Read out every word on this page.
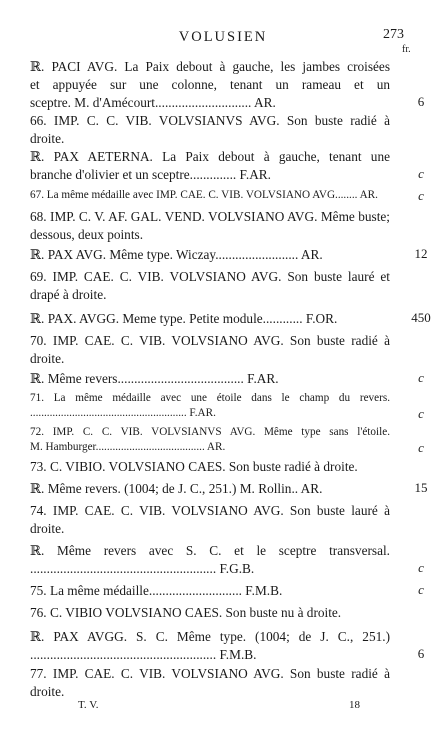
VOLUSIEN	273
fr.
ℝ. PACI AVG. La Paix debout à gauche, les jambes croisées
et appuyée sur une colonne, tenant un rameau et un
sceptre. M. d'Amécourt............................. AR.	6
66. IMP. C. C. VIB. VOLVSIANVS AVG. Son buste radié à
droite.
ℝ. PAX AETERNA. La Paix debout à gauche, tenant une
branche d'olivier et un sceptre.............. F.AR.	c
67. La même médaille avec IMP. CAE. C. VIB. VOLVSIANO AVG........ AR.	c
68. IMP. C. V. AF. GAL. VEND. VOLVSIANO AVG. Même buste;
dessous, deux points.
ℝ. PAX AVG. Même type. Wiczay......................... AR.	12
69. IMP. CAE. C. VIB. VOLVSIANO AVG. Son buste lauré et
drapé à droite.
ℝ. PAX. AVGG. Meme type. Petite module............ F.OR.	450
70. IMP. CAE. C. VIB. VOLVSIANO AVG. Son buste radié à
droite.
ℝ. Même revers...................................... F.AR.	c
71. La même médaille avec une étoile dans le champ du revers.
........................................................ F.AR.	c
72. IMP. C. C. VIB. VOLVSIANVS AVG. Même type sans l'étoile.
M. Hamburger....................................... AR.	c
73. C. VIBIO. VOLVSIANO CAES. Son buste radié à droite.
ℝ. Même revers. (1004; de J. C., 251.) M. Rollin.. AR.	15
74. IMP. CAE. C. VIB. VOLVSIANO AVG. Son buste lauré à
droite.
ℝ. Même revers avec S. C. et le sceptre transversal.
........................................................ F.G.B.	c
75. La même médaille............................ F.M.B.	c
76. C. VIBIO VOLVSIANO CAES. Son buste nu à droite.
ℝ. PAX AVGG. S. C. Même type. (1004; de J. C., 251.)
........................................................ F.M.B.	6
77. IMP. CAE. C. VIB. VOLVSIANO AVG. Son buste radié à
droite.
T. V.	18
